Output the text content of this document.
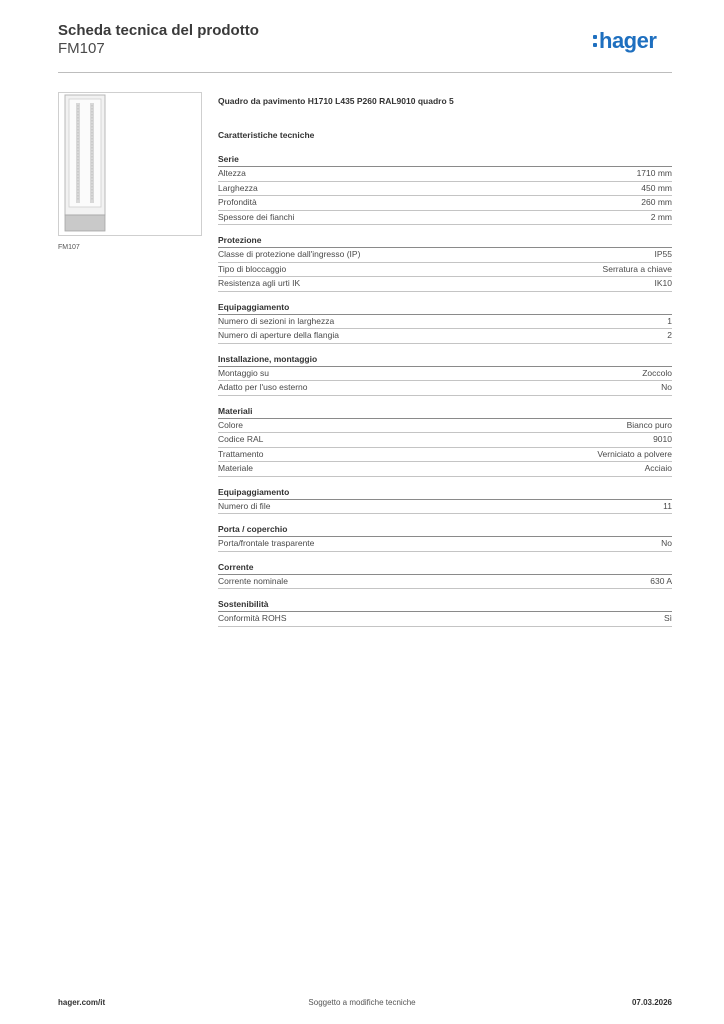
Scheda tecnica del prodotto
FM107	hager
FM107
Quadro da pavimento H1710 L435 P260 RAL9010 quadro 5
Caratteristiche tecniche
Serie
Altezza	1710 mm
Larghezza	450 mm
Profondità	260 mm
Spessore dei fianchi	2 mm
Protezione
Classe di protezione dall'ingresso (IP)	IP55
Tipo di bloccaggio	Serratura a chiave
Resistenza agli urti IK	IK10
Equipaggiamento
Numero di sezioni in larghezza	1
Numero di aperture della flangia	2
Installazione, montaggio
Montaggio su	Zoccolo
Adatto per l'uso esterno	No
Materiali
Colore	Bianco puro
Codice RAL	9010
Trattamento	Verniciato a polvere
Materiale	Acciaio
Equipaggiamento
Numero di file	11
Porta / coperchio
Porta/frontale trasparente	No
Corrente
Corrente nominale	630 A
Sostenibilità
Conformità ROHS	Sì
Soggetto a modifiche tecniche
hager.com/it	07.03.2026
